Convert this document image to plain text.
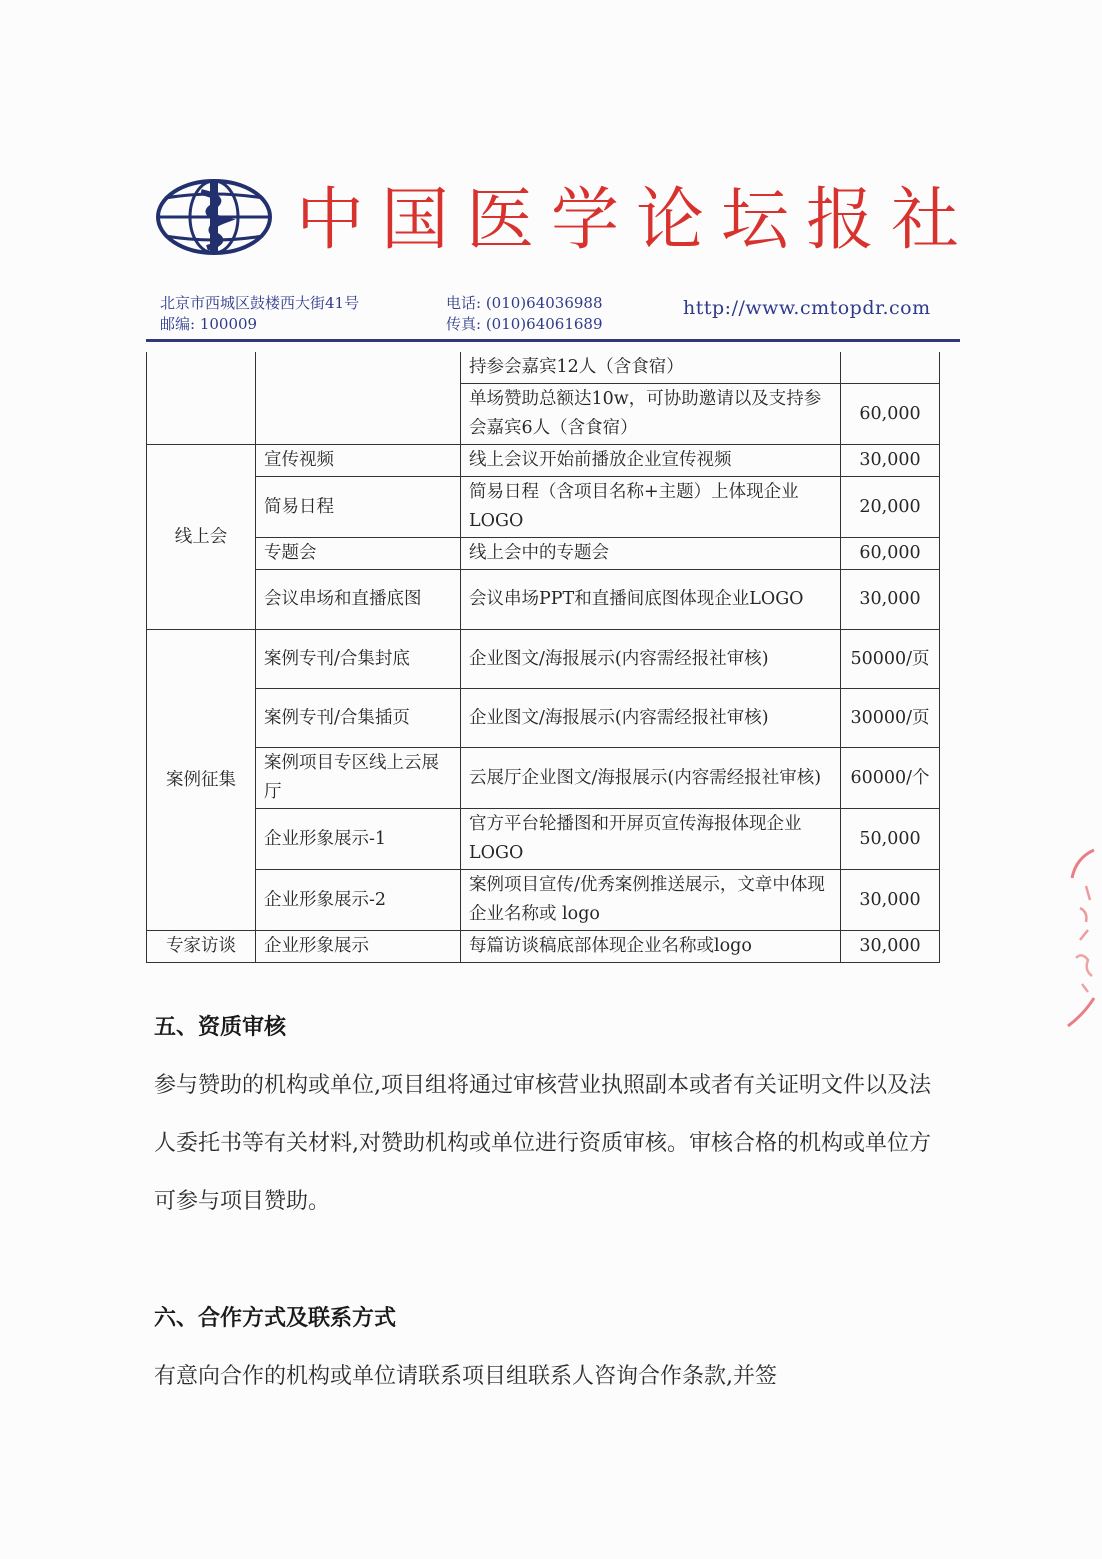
中国医学论坛报社
北京市西城区鼓楼西大街41号
邮编: 100009
电话: (010)64036988
传真: (010)64061689
http://www.cmtopdr.com
		持参会嘉宾12人（含食宿）	
		单场赞助总额达10w，可协助邀请以及支持参会嘉宾6人（含食宿）	60,000
线上会	宣传视频	线上会议开始前播放企业宣传视频	30,000
	简易日程	简易日程（含项目名称+主题）上体现企业LOGO	20,000
	专题会	线上会中的专题会	60,000
	会议串场和直播底图	会议串场PPT和直播间底图体现企业LOGO	30,000
案例征集	案例专刊/合集封底	企业图文/海报展示(内容需经报社审核)	50000/页
	案例专刊/合集插页	企业图文/海报展示(内容需经报社审核)	30000/页
	案例项目专区线上云展厅	云展厅企业图文/海报展示(内容需经报社审核)	60000/个
	企业形象展示-1	官方平台轮播图和开屏页宣传海报体现企业LOGO	50,000
	企业形象展示-2	案例项目宣传/优秀案例推送展示，文章中体现企业名称或 logo	30,000
专家访谈	企业形象展示	每篇访谈稿底部体现企业名称或logo	30,000
五、资质审核

参与赞助的机构或单位,项目组将通过审核营业执照副本或者有关证明文件以及法人委托书等有关材料,对赞助机构或单位进行资质审核。审核合格的机构或单位方可参与项目赞助。

六、合作方式及联系方式

有意向合作的机构或单位请联系项目组联系人咨询合作条款,并签
